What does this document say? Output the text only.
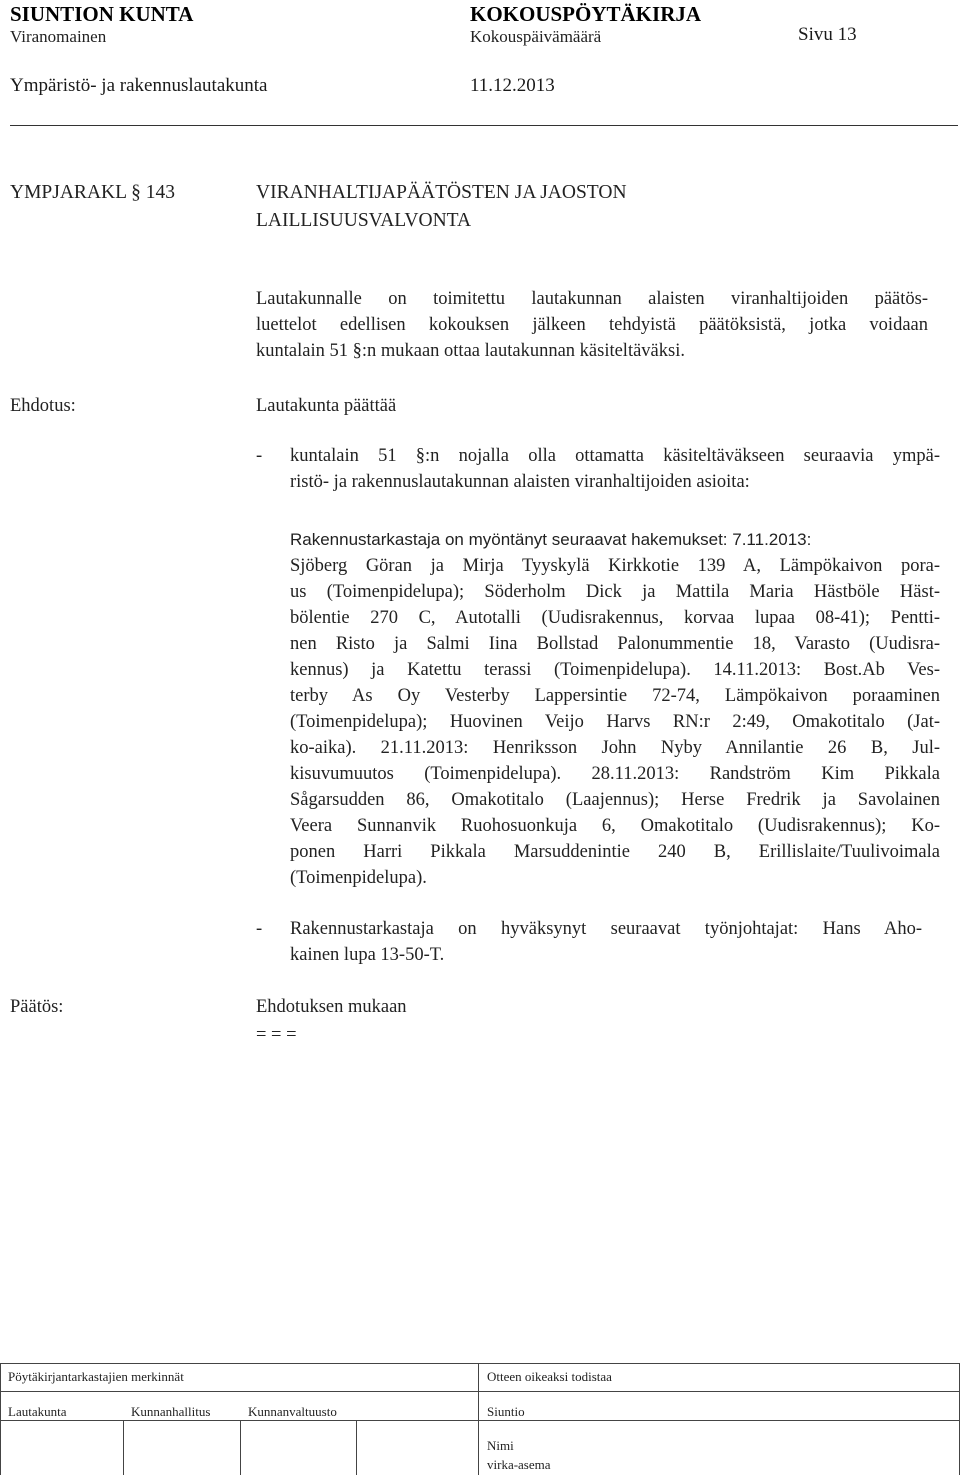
SIUNTION KUNTA	KOKOUSPÖYTÄKIRJA
Viranomainen	Kokouspäivämäärä	Sivu 13
Ympäristö- ja rakennuslautakunta	11.12.2013
YMPJARAKL § 143	VIRANHALTIJAPÄÄTÖSTEN JA JAOSTON
LAILLISUUSVALVONTA
Lautakunnalle on toimitettu lautakunnan alaisten viranhaltijoiden päätös-
luettelot edellisen kokouksen jälkeen tehdyistä päätöksistä, jotka voidaan
kuntalain 51 §:n mukaan ottaa lautakunnan käsiteltäväksi.
Ehdotus:	Lautakunta päättää
- kuntalain 51 §:n nojalla olla ottamatta käsiteltäväkseen seuraavia ympä-
ristö- ja rakennuslautakunnan alaisten viranhaltijoiden asioita:
Rakennustarkastaja on myöntänyt seuraavat hakemukset: 7.11.2013:
Sjöberg Göran ja Mirja Tyyskylä Kirkkotie 139 A, Lämpökaivon pora-
us (Toimenpidelupa); Söderholm Dick ja Mattila Maria Hästböle Häst-
bölentie 270 C, Autotalli (Uudisrakennus, korvaa lupaa 08-41); Pentti-
nen Risto ja Salmi Iina Bollstad Palonummentie 18, Varasto (Uudisra-
kennus) ja Katettu terassi (Toimenpidelupa). 14.11.2013: Bost.Ab Ves-
terby As Oy Vesterby Lappersintie 72-74, Lämpökaivon poraaminen
(Toimenpidelupa); Huovinen Veijo Harvs RN:r 2:49, Omakotitalo (Jat-
ko-aika). 21.11.2013: Henriksson John Nyby Annilantie 26 B, Jul-
kisuvumuutos (Toimenpidelupa). 28.11.2013: Randström Kim Pikkala
Sågarsudden 86, Omakotitalo (Laajennus); Herse Fredrik ja Savolainen
Veera Sunnanvik Ruohosuonkuja 6, Omakotitalo (Uudisrakennus); Ko-
ponen Harri Pikkala Marsuddenintie 240 B, Erillislaite/Tuulivoimala
(Toimenpidelupa).
- Rakennustarkastaja on hyväksynyt seuraavat työnjohtajat: Hans Aho-
kainen lupa 13-50-T.
Päätös:	Ehdotuksen mukaan
= = =
Pöytäkirjantarkastajien merkinnät	Otteen oikeaksi todistaa
Lautakunta	Kunnanhallitus	Kunnanvaltuusto	Siuntio
Nimi
virka-asema
